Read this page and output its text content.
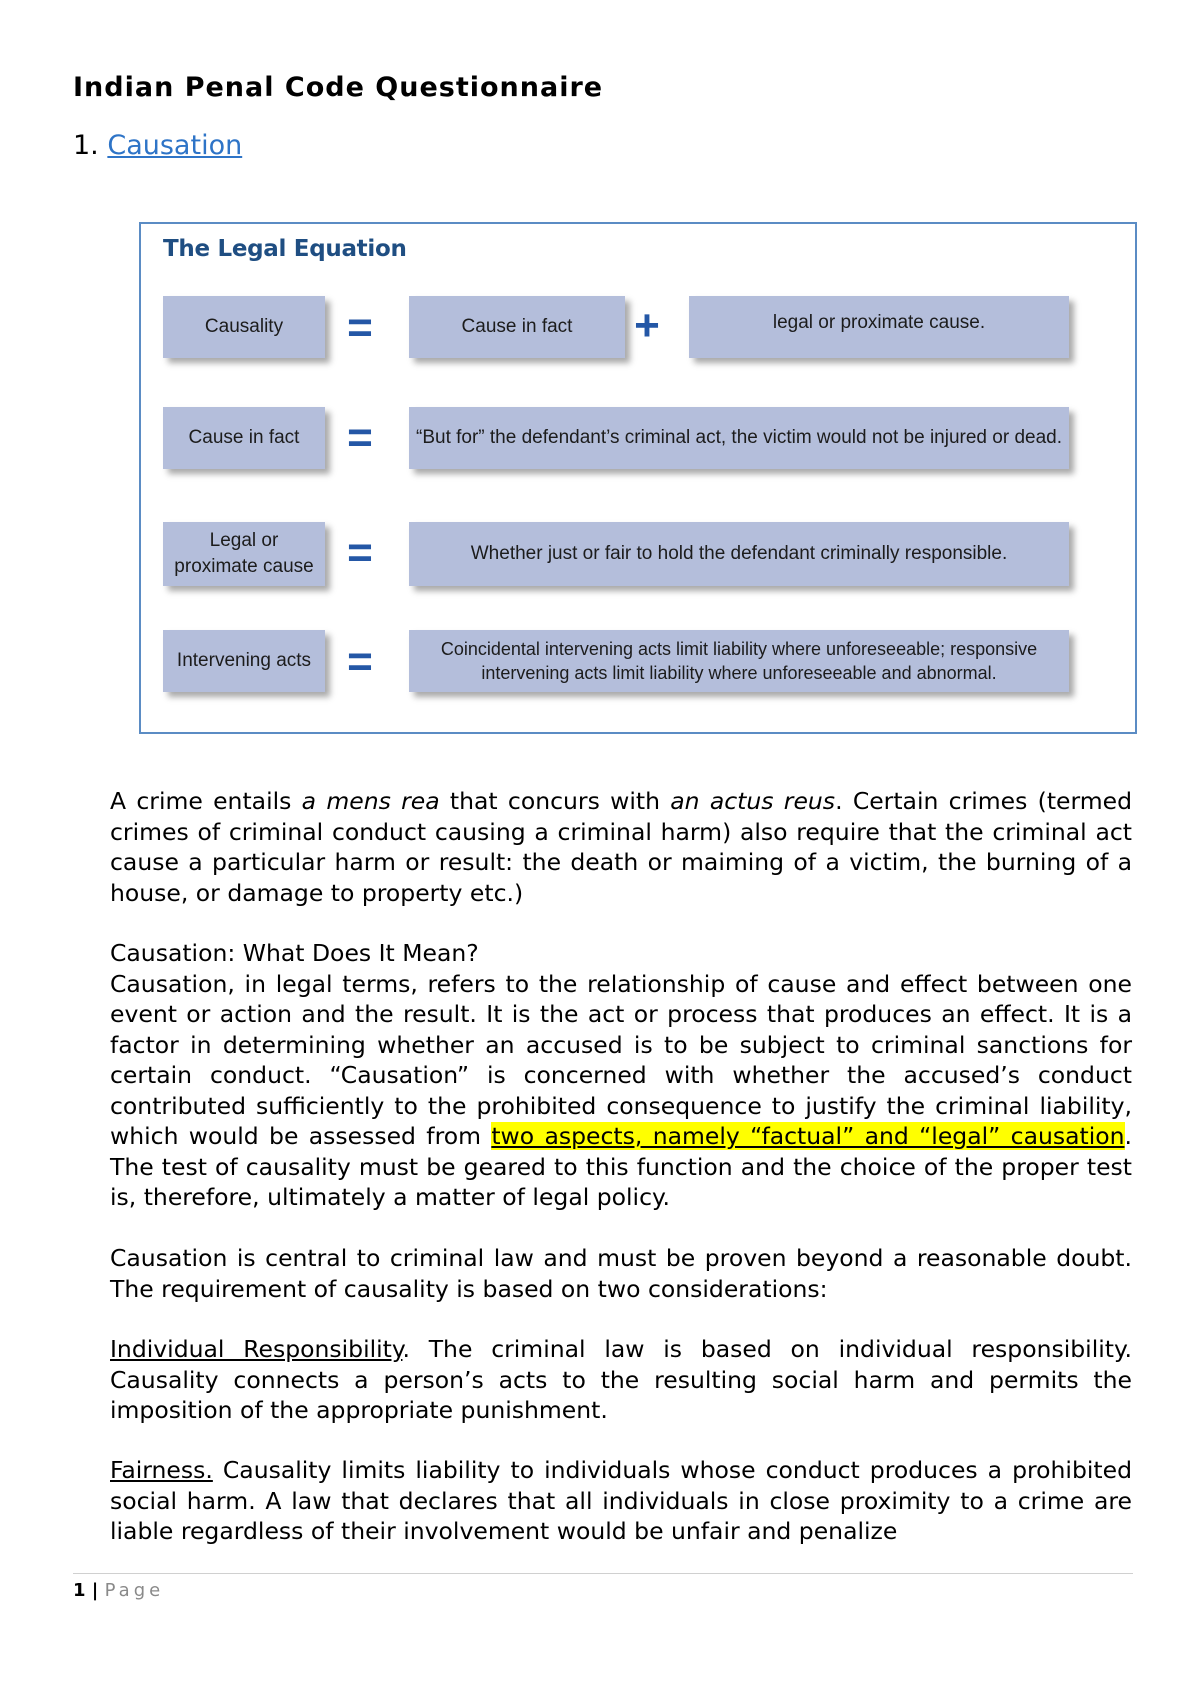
Indian Penal Code Questionnaire

1. Causation

The Legal Equation
Causality	=	Cause in fact	+	legal or proximate cause.
Cause in fact	=	“But for” the defendant’s criminal act, the victim would not be injured or dead.
Legal or proximate cause =	Whether just or fair to hold the defendant criminally responsible.
Intervening acts =	Coincidental intervening acts limit liability where unforeseeable; responsive intervening acts limit liability where unforeseeable and abnormal.

A crime entails a mens rea that concurs with an actus reus. Certain crimes (termed crimes of criminal conduct causing a criminal harm) also require that the criminal act cause a particular harm or result: the death or maiming of a victim, the burning of a house, or damage to property etc.)

Causation: What Does It Mean?
Causation, in legal terms, refers to the relationship of cause and effect between one event or action and the result. It is the act or process that produces an effect. It is a factor in determining whether an accused is to be subject to criminal sanctions for certain conduct. “Causation” is concerned with whether the accused’s conduct contributed sufficiently to the prohibited consequence to justify the criminal liability, which would be assessed from two aspects, namely “factual” and “legal” causation. The test of causality must be geared to this function and the choice of the proper test is, therefore, ultimately a matter of legal policy.

Causation is central to criminal law and must be proven beyond a reasonable doubt. The requirement of causality is based on two considerations:

Individual Responsibility. The criminal law is based on individual responsibility. Causality connects a person’s acts to the resulting social harm and permits the imposition of the appropriate punishment.

Fairness. Causality limits liability to individuals whose conduct produces a prohibited social harm. A law that declares that all individuals in close proximity to a crime are liable regardless of their involvement would be unfair and penalize

1 | Page
